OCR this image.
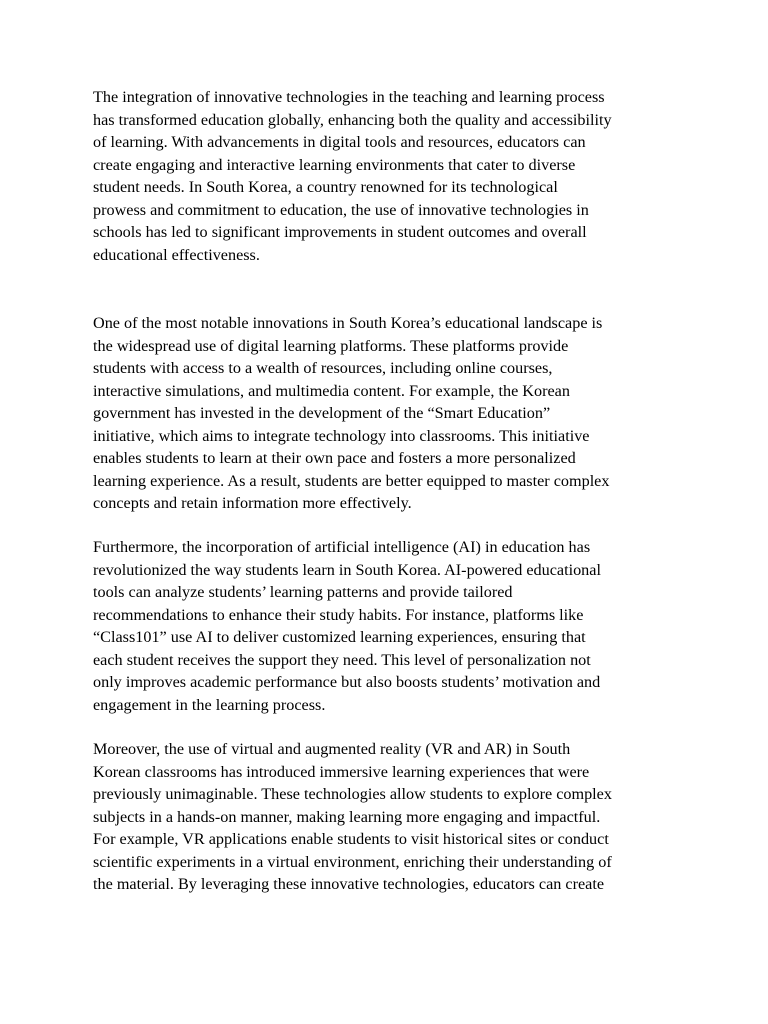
The integration of innovative technologies in the teaching and learning process
has transformed education globally, enhancing both the quality and accessibility
of learning. With advancements in digital tools and resources, educators can
create engaging and interactive learning environments that cater to diverse
student needs. In South Korea, a country renowned for its technological
prowess and commitment to education, the use of innovative technologies in
schools has led to significant improvements in student outcomes and overall
educational effectiveness.
One of the most notable innovations in South Korea’s educational landscape is
the widespread use of digital learning platforms. These platforms provide
students with access to a wealth of resources, including online courses,
interactive simulations, and multimedia content. For example, the Korean
government has invested in the development of the “Smart Education”
initiative, which aims to integrate technology into classrooms. This initiative
enables students to learn at their own pace and fosters a more personalized
learning experience. As a result, students are better equipped to master complex
concepts and retain information more effectively.
Furthermore, the incorporation of artificial intelligence (AI) in education has
revolutionized the way students learn in South Korea. AI-powered educational
tools can analyze students’ learning patterns and provide tailored
recommendations to enhance their study habits. For instance, platforms like
“Class101” use AI to deliver customized learning experiences, ensuring that
each student receives the support they need. This level of personalization not
only improves academic performance but also boosts students’ motivation and
engagement in the learning process.
Moreover, the use of virtual and augmented reality (VR and AR) in South
Korean classrooms has introduced immersive learning experiences that were
previously unimaginable. These technologies allow students to explore complex
subjects in a hands-on manner, making learning more engaging and impactful.
For example, VR applications enable students to visit historical sites or conduct
scientific experiments in a virtual environment, enriching their understanding of
the material. By leveraging these innovative technologies, educators can create
